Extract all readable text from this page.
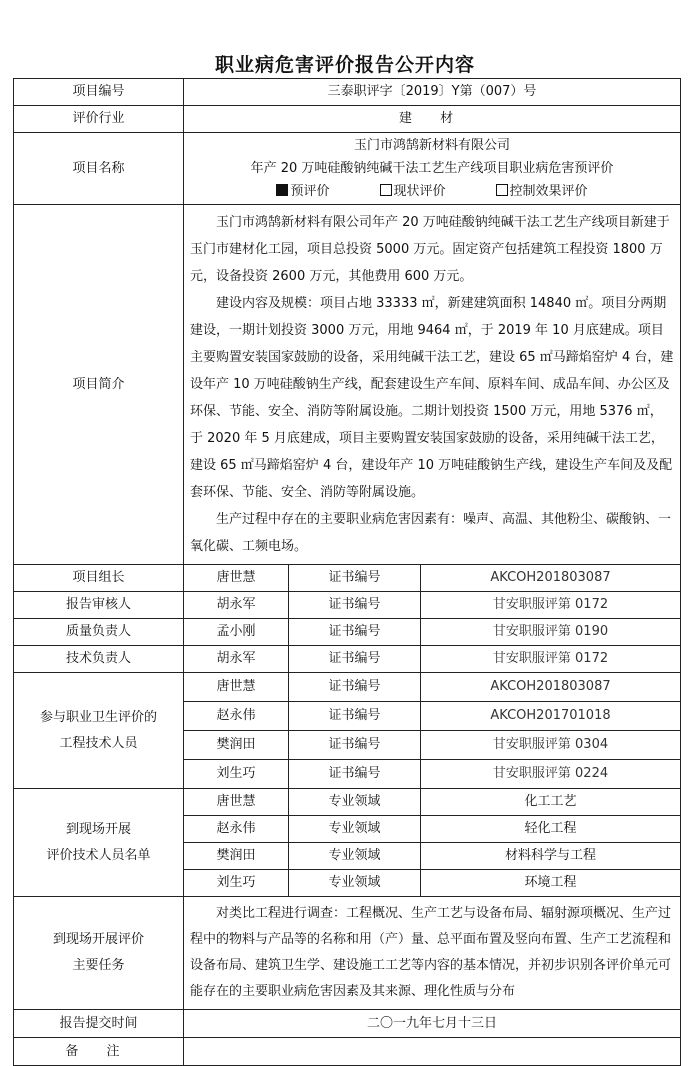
职业病危害评价报告公开内容
项目编号	三泰职评字〔2019〕Y第（007）号		
评价行业	建 材		
项目名称	玉门市鸿鹄新材料有限公司
年产 20 万吨硅酸钠纯碱干法工艺生产线项目职业病危害预评价
预评价 现状评价 控制效果评价		

项目简介	玉门市鸿鹄新材料有限公司年产 20 万吨硅酸钠纯碱干法工艺生产线项目新建于玉门市建材化工园，项目总投资 5000 万元。固定资产包括建筑工程投资 1800 万元，设备投资 2600 万元，其他费用 600 万元。

建设内容及规模：项目占地 33333 ㎡，新建建筑面积 14840 ㎡。项目分两期建设，一期计划投资 3000 万元，用地 9464 ㎡，于 2019 年 10 月底建成。项目主要购置安装国家鼓励的设备，采用纯碱干法工艺，建设 65 ㎡马蹄焰窑炉 4 台，建设年产 10 万吨硅酸钠生产线，配套建设生产车间、原料车间、成品车间、办公区及环保、节能、安全、消防等附属设施。二期计划投资 1500 万元，用地 5376 ㎡，于 2020 年 5 月底建成，项目主要购置安装国家鼓励的设备，采用纯碱干法工艺，建设 65 ㎡马蹄焰窑炉 4 台，建设年产 10 万吨硅酸钠生产线，建设生产车间及及配套环保、节能、安全、消防等附属设施。

生产过程中存在的主要职业病危害因素有：噪声、高温、其他粉尘、碳酸钠、一氧化碳、工频电场。		

项目组长	唐世慧	证书编号	AKCOH201803087
报告审核人	胡永军	证书编号	甘安职服评第 0172
质量负责人	孟小刚	证书编号	甘安职服评第 0190
技术负责人	胡永军	证书编号	甘安职服评第 0172

参与职业卫生评价的
工程技术人员	唐世慧	证书编号	AKCOH201803087
	赵永伟	证书编号	AKCOH201701018
	樊润田	证书编号	甘安职服评第 0304
	刘生巧	证书编号	甘安职服评第 0224

到现场开展
评价技术人员名单	唐世慧	专业领域	化工工艺
	赵永伟	专业领域	轻化工程
	樊润田	专业领域	材料科学与工程
	刘生巧	专业领域	环境工程

到现场开展评价
主要任务	对类比工程进行调查：工程概况、生产工艺与设备布局、辐射源项概况、生产过程中的物料与产品等的名称和用（产）量、总平面布置及竖向布置、生产工艺流程和设备布局、建筑卫生学、建设施工工艺等内容的基本情况，并初步识别各评价单元可能存在的主要职业病危害因素及其来源、理化性质与分布		

报告提交时间	二〇一九年七月十三日		
备 注			
